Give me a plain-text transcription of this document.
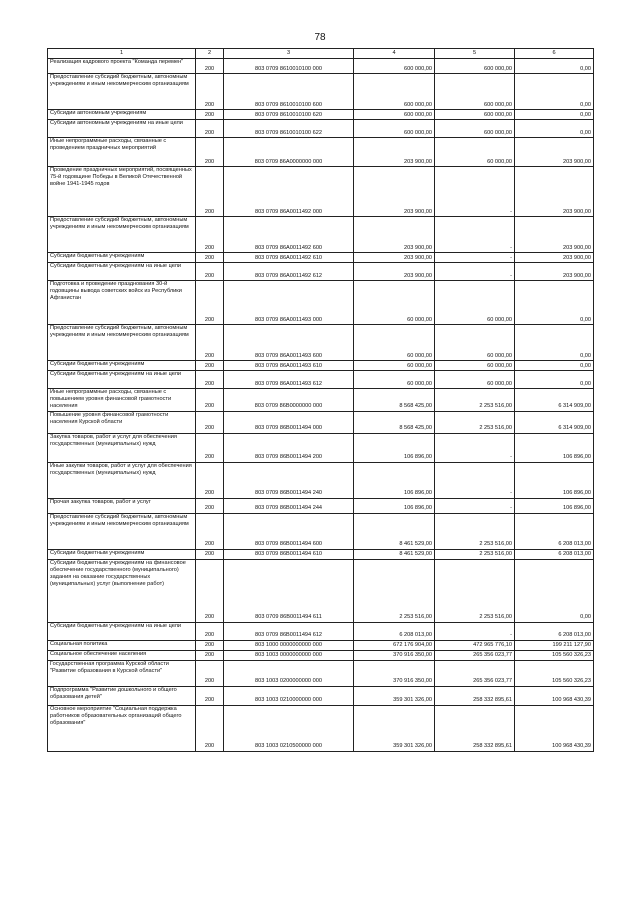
78
1	2	3	4	5	6
Реализация кадрового проекта "Команда перемен"	200	803 0709 8610010100 000	600 000,00	600 000,00	0,00
Предоставление субсидий бюджетным, автономным учреждениям и иным некоммерческим организациям	200	803 0709 8610010100 600	600 000,00	600 000,00	0,00
Субсидии автономным учреждениям	200	803 0709 8610010100 620	600 000,00	600 000,00	0,00
Субсидии автономным учреждениям на иные цели	200	803 0709 8610010100 622	600 000,00	600 000,00	0,00
Иные непрограммные расходы, связанные с проведением праздничных мероприятий	200	803 0709 86A0000000 000	203 900,00	60 000,00	203 900,00
Проведение праздничных мероприятий, посвященных 75-й годовщине Победы в Великой Отечественной войне 1941-1945 годов	200	803 0709 86A0011492 000	203 900,00	-	203 900,00
Предоставление субсидий бюджетным, автономным учреждениям и иным некоммерческим организациям	200	803 0709 86A0011492 600	203 900,00	-	203 900,00
Субсидии бюджетным учреждениям	200	803 0709 86A0011492 610	203 900,00	-	203 900,00
Субсидии бюджетным учреждениям на иные цели	200	803 0709 86A0011492 612	203 900,00	-	203 900,00
Подготовка и проведение празднования 30-й годовщины вывода советских войск из Республики Афганистан	200	803 0709 86A0011493 000	60 000,00	60 000,00	0,00
Предоставление субсидий бюджетным, автономным учреждениям и иным некоммерческим организациям	200	803 0709 86A0011493 600	60 000,00	60 000,00	0,00
Субсидии бюджетным учреждениям	200	803 0709 86A0011493 610	60 000,00	60 000,00	0,00
Субсидии бюджетным учреждениям на иные цели	200	803 0709 86A0011493 612	60 000,00	60 000,00	0,00
Иные непрограммные расходы, связанные с повышением уровня финансовой грамотности населения	200	803 0709 86B0000000 000	8 568 425,00	2 253 516,00	6 314 909,00
Повышение уровня финансовой грамотности населения Курской области	200	803 0709 86B0011494 000	8 568 425,00	2 253 516,00	6 314 909,00
Закупка товаров, работ и услуг для обеспечения государственных (муниципальных) нужд	200	803 0709 86B0011494 200	106 896,00	-	106 896,00
Иные закупки товаров, работ и услуг для обеспечения государственных (муниципальных) нужд	200	803 0709 86B0011494 240	106 896,00	-	106 896,00
Прочая закупка товаров, работ и услуг	200	803 0709 86B0011494 244	106 896,00	-	106 896,00
Предоставление субсидий бюджетным, автономным учреждениям и иным некоммерческим организациям	200	803 0709 86B0011494 600	8 461 529,00	2 253 516,00	6 208 013,00
Субсидии бюджетным учреждениям	200	803 0709 86B0011494 610	8 461 529,00	2 253 516,00	6 208 013,00
Субсидии бюджетным учреждениям на финансовое обеспечение государственного (муниципального) задания на оказание государственных (муниципальных) услуг (выполнение работ)	200	803 0709 86B0011494 611	2 253 516,00	2 253 516,00	0,00
Субсидии бюджетным учреждениям на иные цели	200	803 0709 86B0011494 612	6 208 013,00	-	6 208 013,00
Социальная политика	200	803 1000 0000000000 000	672 176 904,00	472 965 776,10	199 211 127,90
Социальное обеспечение населения	200	803 1003 0000000000 000	370 916 350,00	265 356 023,77	105 560 326,23
Государственная программа Курской области "Развитие образования в Курской области"	200	803 1003 0200000000 000	370 916 350,00	265 356 023,77	105 560 326,23
Подпрограмма "Развитие дошкольного и общего образования детей"	200	803 1003 0210000000 000	359 301 326,00	258 332 895,61	100 968 430,39
Основное мероприятие "Социальная поддержка работников образовательных организаций общего образования"	200	803 1003 0210500000 000	359 301 326,00	258 332 895,61	100 968 430,39
